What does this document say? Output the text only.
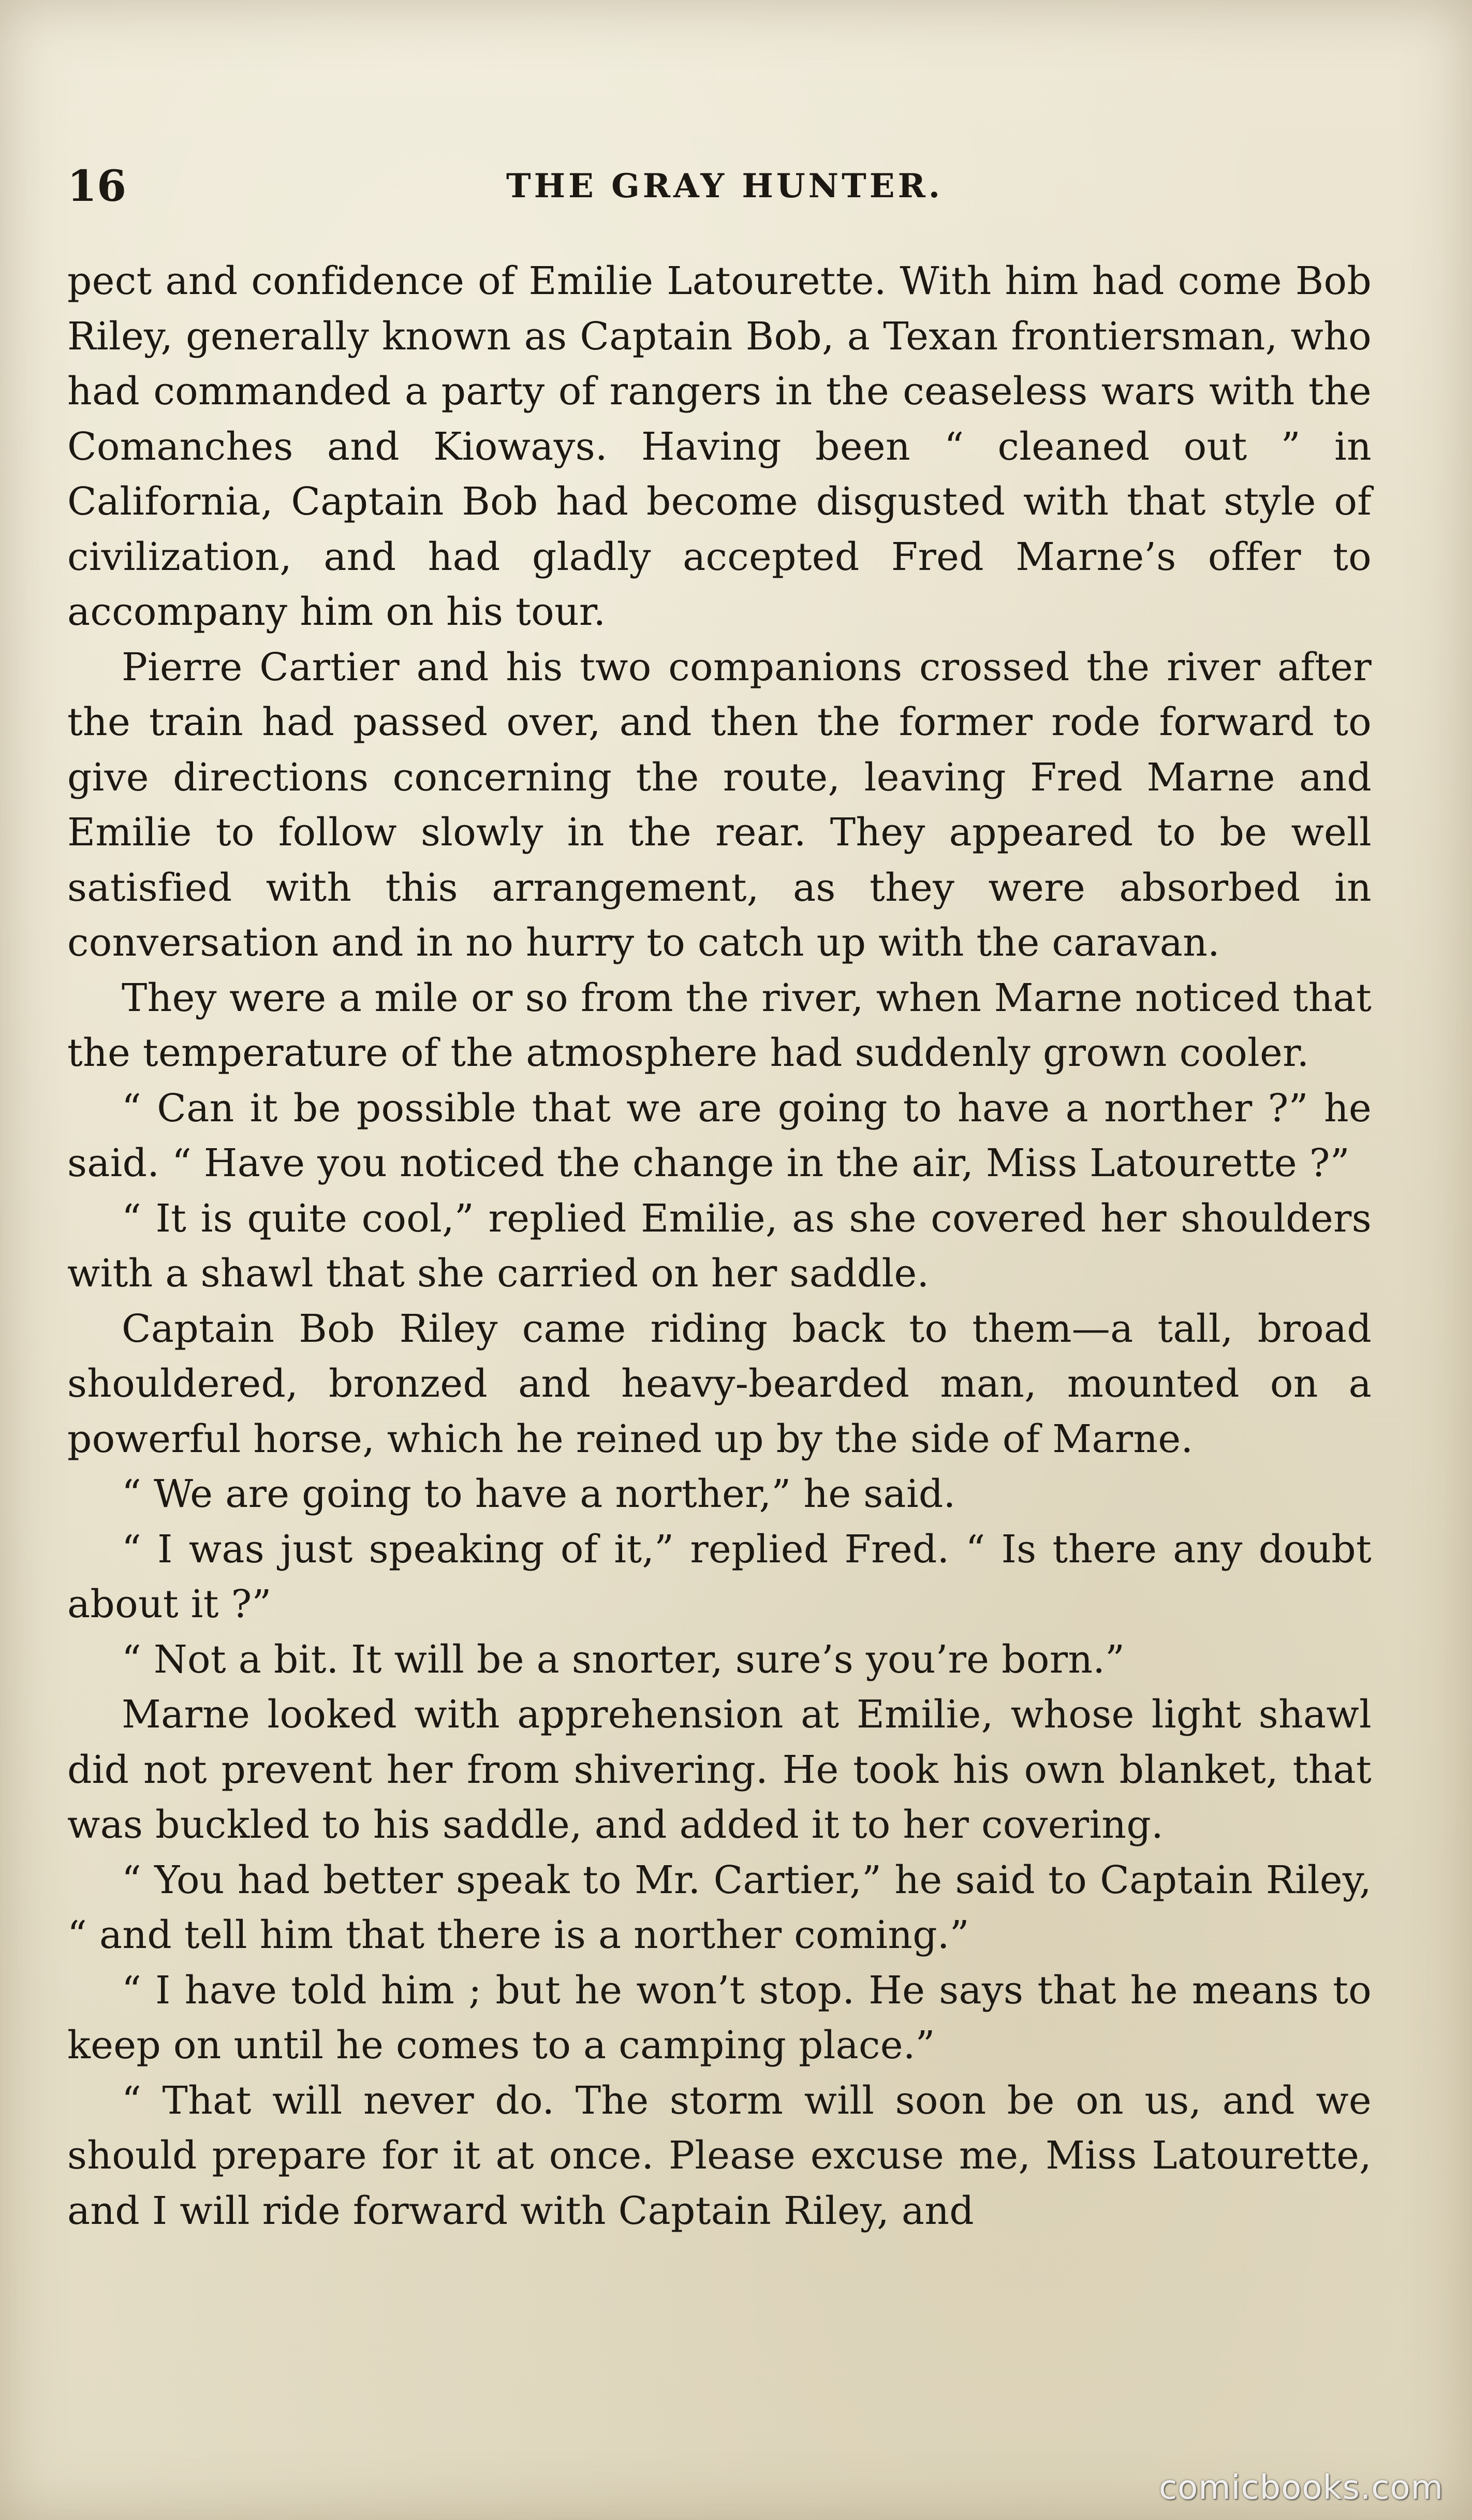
16	THE GRAY HUNTER.

pect and confidence of Emilie Latourette. With him had come Bob Riley, generally known as Captain Bob, a Texan frontiersman, who had commanded a party of rangers in the ceaseless wars with the Comanches and Kioways. Having been “ cleaned out ” in California, Captain Bob had become disgusted with that style of civilization, and had gladly accepted Fred Marne’s offer to accompany him on his tour.

Pierre Cartier and his two companions crossed the river after the train had passed over, and then the former rode forward to give directions concerning the route, leaving Fred Marne and Emilie to follow slowly in the rear. They appeared to be well satisfied with this arrangement, as they were absorbed in conversation and in no hurry to catch up with the caravan.

They were a mile or so from the river, when Marne noticed that the temperature of the atmosphere had suddenly grown cooler.

“ Can it be possible that we are going to have a norther ?” he said. “ Have you noticed the change in the air, Miss Latourette ?”

“ It is quite cool,” replied Emilie, as she covered her shoulders with a shawl that she carried on her saddle.

Captain Bob Riley came riding back to them—a tall, broad shouldered, bronzed and heavy-bearded man, mounted on a powerful horse, which he reined up by the side of Marne.

“ We are going to have a norther,” he said.

“ I was just speaking of it,” replied Fred. “ Is there any doubt about it ?”

“ Not a bit. It will be a snorter, sure’s you’re born.”

Marne looked with apprehension at Emilie, whose light shawl did not prevent her from shivering. He took his own blanket, that was buckled to his saddle, and added it to her covering.

“ You had better speak to Mr. Cartier,” he said to Captain Riley, “ and tell him that there is a norther coming.”

“ I have told him ; but he won’t stop. He says that he means to keep on until he comes to a camping place.”

“ That will never do. The storm will soon be on us, and we should prepare for it at once. Please excuse me, Miss Latourette, and I will ride forward with Captain Riley, and

comicbooks.com
